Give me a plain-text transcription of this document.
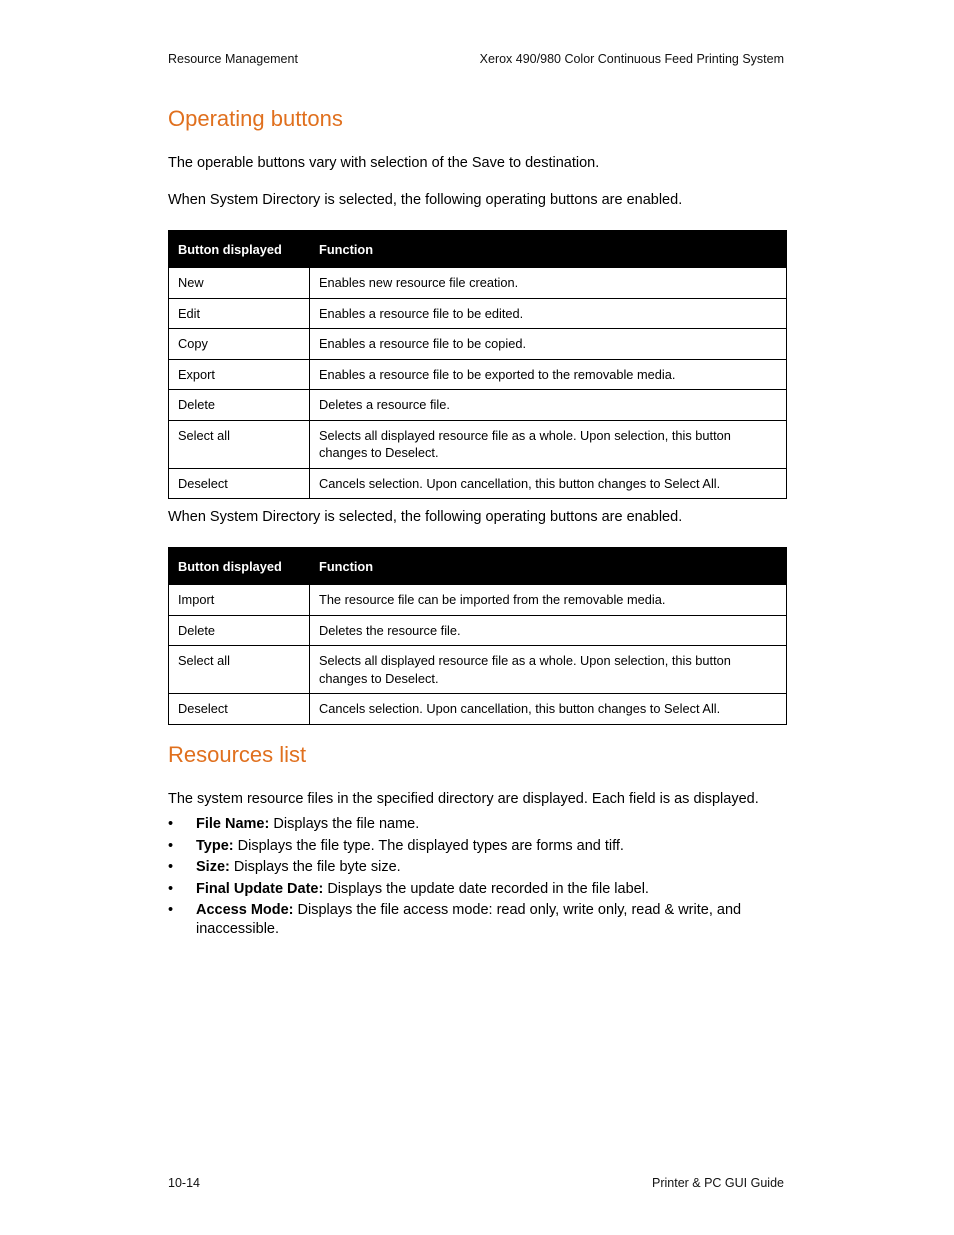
Resource Management	Xerox 490/980 Color Continuous Feed Printing System
Operating buttons

The operable buttons vary with selection of the Save to destination.

When System Directory is selected, the following operating buttons are enabled.

Button displayed	Function
New	Enables new resource file creation.
Edit	Enables a resource file to be edited.
Copy	Enables a resource file to be copied.
Export	Enables a resource file to be exported to the removable media.
Delete	Deletes a resource file.
Select all	Selects all displayed resource file as a whole. Upon selection, this button changes to Deselect.
Deselect	Cancels selection. Upon cancellation, this button changes to Select All.

When System Directory is selected, the following operating buttons are enabled.

Button displayed	Function
Import	The resource file can be imported from the removable media.
Delete	Deletes the resource file.
Select all	Selects all displayed resource file as a whole. Upon selection, this button changes to Deselect.
Deselect	Cancels selection. Upon cancellation, this button changes to Select All.
Resources list

The system resource files in the specified directory are displayed. Each field is as displayed.

• File Name: Displays the file name.
• Type: Displays the file type. The displayed types are forms and tiff.
• Size: Displays the file byte size.
• Final Update Date: Displays the update date recorded in the file label.
• Access Mode: Displays the file access mode: read only, write only, read & write, and inaccessible.
10-14	Printer & PC GUI Guide
